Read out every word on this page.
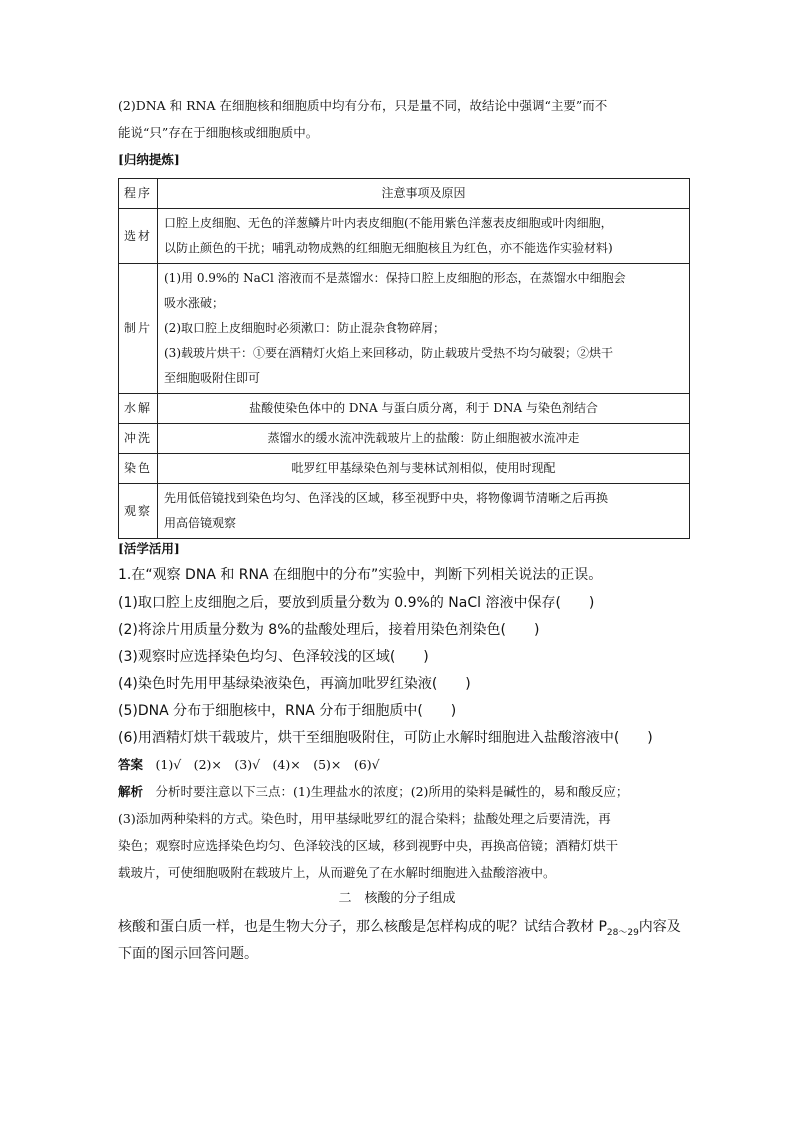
(2)DNA 和 RNA 在细胞核和细胞质中均有分布，只是量不同，故结论中强调“主要”而不
能说“只”存在于细胞核或细胞质中。
[归纳提炼]
程序	注意事项及原因
选材	口腔上皮细胞、无色的洋葱鳞片叶内表皮细胞(不能用紫色洋葱表皮细胞或叶肉细胞，
以防止颜色的干扰；哺乳动物成熟的红细胞无细胞核且为红色，亦不能选作实验材料)

制片	(1)用 0.9%的 NaCl 溶液而不是蒸馏水：保持口腔上皮细胞的形态，在蒸馏水中细胞会
吸水涨破；
(2)取口腔上皮细胞时必须漱口：防止混杂食物碎屑；
(3)载玻片烘干：①要在酒精灯火焰上来回移动，防止载玻片受热不均匀破裂；②烘干
至细胞吸附住即可

水解	盐酸使染色体中的 DNA 与蛋白质分离，利于 DNA 与染色剂结合
冲洗	蒸馏水的缓水流冲洗载玻片上的盐酸：防止细胞被水流冲走
染色	吡罗红甲基绿染色剂与斐林试剂相似，使用时现配
观察	先用低倍镜找到染色均匀、色泽浅的区域，移至视野中央，将物像调节清晰之后再换
用高倍镜观察
[活学活用]
1.在“观察 DNA 和 RNA 在细胞中的分布”实验中，判断下列相关说法的正误。
(1)取口腔上皮细胞之后，要放到质量分数为 0.9%的 NaCl 溶液中保存(　　)
(2)将涂片用质量分数为 8%的盐酸处理后，接着用染色剂染色(　　)
(3)观察时应选择染色均匀、色泽较浅的区域(　　)
(4)染色时先用甲基绿染液染色，再滴加吡罗红染液(　　)
(5)DNA 分布于细胞核中，RNA 分布于细胞质中(　　)
(6)用酒精灯烘干载玻片，烘干至细胞吸附住，可防止水解时细胞进入盐酸溶液中(　　)
答案  (1)√　(2)×　(3)√　(4)×　(5)×　(6)√
解析  分析时要注意以下三点：(1)生理盐水的浓度；(2)所用的染料是碱性的，易和酸反应；
(3)添加两种染料的方式。染色时，用甲基绿吡罗红的混合染料；盐酸处理之后要清洗，再
染色；观察时应选择染色均匀、色泽较浅的区域，移到视野中央，再换高倍镜；酒精灯烘干
载玻片，可使细胞吸附在载玻片上，从而避免了在水解时细胞进入盐酸溶液中。
二　核酸的分子组成
核酸和蛋白质一样，也是生物大分子，那么核酸是怎样构成的呢？试结合教材 $P_{28\sim 29}$内容及
下面的图示回答问题。
